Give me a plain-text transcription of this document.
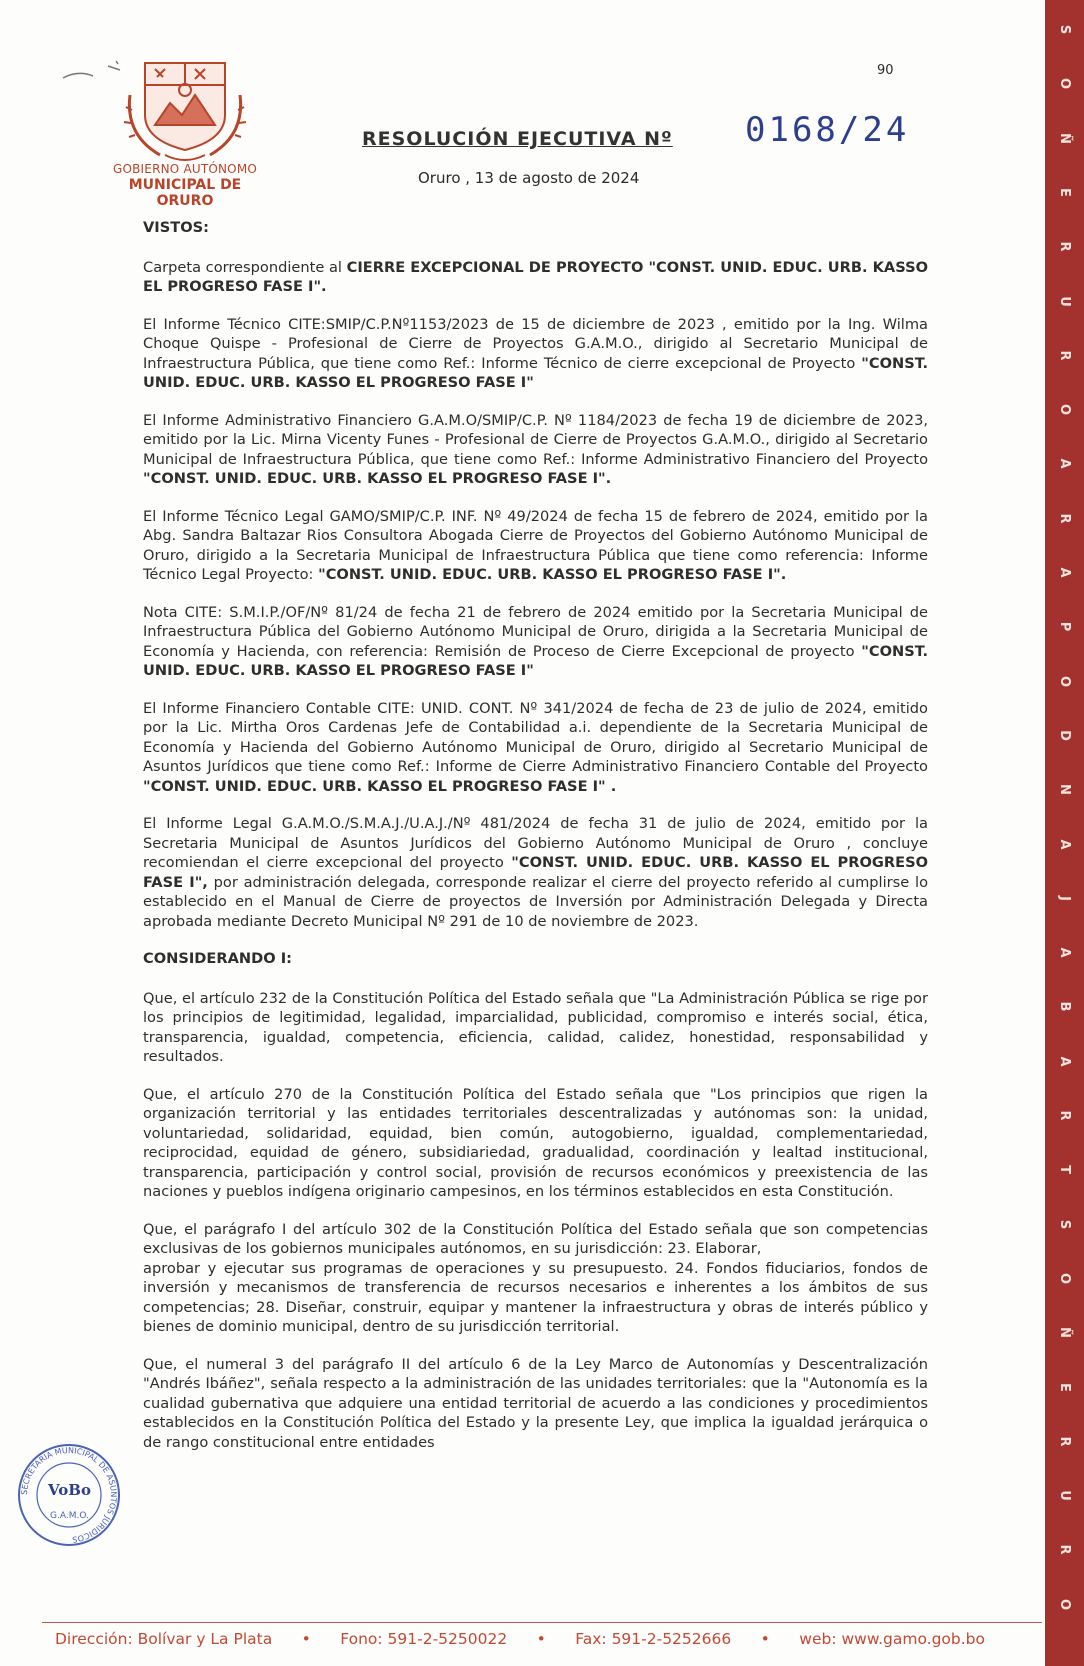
90
GOBIERNO AUTÓNOMO
MUNICIPAL DE ORURO
RESOLUCIÓN EJECUTIVA Nº 0168/24
Oruro , 13 de agosto de 2024

VISTOS:

Carpeta correspondiente al CIERRE EXCEPCIONAL DE PROYECTO "CONST. UNID. EDUC. URB. KASSO EL PROGRESO FASE I".

El Informe Técnico CITE:SMIP/C.P.Nº1153/2023 de 15 de diciembre de 2023 , emitido por la Ing. Wilma Choque Quispe - Profesional de Cierre de Proyectos G.A.M.O., dirigido al Secretario Municipal de Infraestructura Pública, que tiene como Ref.: Informe Técnico de cierre excepcional de Proyecto "CONST. UNID. EDUC. URB. KASSO EL PROGRESO FASE I"

El Informe Administrativo Financiero G.A.M.O/SMIP/C.P. Nº 1184/2023 de fecha 19 de diciembre de 2023, emitido por la Lic. Mirna Vicenty Funes - Profesional de Cierre de Proyectos G.A.M.O., dirigido al Secretario Municipal de Infraestructura Pública, que tiene como Ref.: Informe Administrativo Financiero del Proyecto "CONST. UNID. EDUC. URB. KASSO EL PROGRESO FASE I".

El Informe Técnico Legal GAMO/SMIP/C.P. INF. Nº 49/2024 de fecha 15 de febrero de 2024, emitido por la Abg. Sandra Baltazar Rios Consultora Abogada Cierre de Proyectos del Gobierno Autónomo Municipal de Oruro, dirigido a la Secretaria Municipal de Infraestructura Pública que tiene como referencia: Informe Técnico Legal Proyecto: "CONST. UNID. EDUC. URB. KASSO EL PROGRESO FASE I".

Nota CITE: S.M.I.P./OF/Nº 81/24 de fecha 21 de febrero de 2024 emitido por la Secretaria Municipal de Infraestructura Pública del Gobierno Autónomo Municipal de Oruro, dirigida a la Secretaria Municipal de Economía y Hacienda, con referencia: Remisión de Proceso de Cierre Excepcional de proyecto "CONST. UNID. EDUC. URB. KASSO EL PROGRESO FASE I"

El Informe Financiero Contable CITE: UNID. CONT. Nº 341/2024 de fecha de 23 de julio de 2024, emitido por la Lic. Mirtha Oros Cardenas Jefe de Contabilidad a.i. dependiente de la Secretaria Municipal de Economía y Hacienda del Gobierno Autónomo Municipal de Oruro, dirigido al Secretario Municipal de Asuntos Jurídicos que tiene como Ref.: Informe de Cierre Administrativo Financiero Contable del Proyecto "CONST. UNID. EDUC. URB. KASSO EL PROGRESO FASE I" .

El Informe Legal G.A.M.O./S.M.A.J./U.A.J./Nº 481/2024 de fecha 31 de julio de 2024, emitido por la Secretaria Municipal de Asuntos Jurídicos del Gobierno Autónomo Municipal de Oruro , concluye recomiendan el cierre excepcional del proyecto "CONST. UNID. EDUC. URB. KASSO EL PROGRESO FASE I", por administración delegada, corresponde realizar el cierre del proyecto referido al cumplirse lo establecido en el Manual de Cierre de proyectos de Inversión por Administración Delegada y Directa aprobada mediante Decreto Municipal Nº 291 de 10 de noviembre de 2023.

CONSIDERANDO I:

Que, el artículo 232 de la Constitución Política del Estado señala que "La Administración Pública se rige por los principios de legitimidad, legalidad, imparcialidad, publicidad, compromiso e interés social, ética, transparencia, igualdad, competencia, eficiencia, calidad, calidez, honestidad, responsabilidad y resultados.

Que, el artículo 270 de la Constitución Política del Estado señala que "Los principios que rigen la organización territorial y las entidades territoriales descentralizadas y autónomas son: la unidad, voluntariedad, solidaridad, equidad, bien común, autogobierno, igualdad, complementariedad, reciprocidad, equidad de género, subsidiariedad, gradualidad, coordinación y lealtad institucional, transparencia, participación y control social, provisión de recursos económicos y preexistencia de las naciones y pueblos indígena originario campesinos, en los términos establecidos en esta Constitución.

Que, el parágrafo I del artículo 302 de la Constitución Política del Estado señala que son competencias exclusivas de los gobiernos municipales autónomos, en su jurisdicción: 23. Elaborar,

aprobar y ejecutar sus programas de operaciones y su presupuesto. 24. Fondos fiduciarios, fondos de inversión y mecanismos de transferencia de recursos necesarios e inherentes a los ámbitos de sus competencias; 28. Diseñar, construir, equipar y mantener la infraestructura y obras de interés público y bienes de dominio municipal, dentro de su jurisdicción territorial.

Que, el numeral 3 del parágrafo II del artículo 6 de la Ley Marco de Autonomías y Descentralización "Andrés Ibáñez", señala respecto a la administración de las unidades territoriales: que la "Autonomía es la cualidad gubernativa que adquiere una entidad territorial de acuerdo a las condiciones y procedimientos establecidos en la Constitución Política del Estado y la presente Ley, que implica la igualdad jerárquica o de rango constitucional entre entidades

SECRETARIA MUNICIPAL DE ASUNTOS JURIDICOS
VoBo
G.A.M.O.
S
O
Ñ
E
R
U
R
O
A
R
A
P
O
D
N
A
J
A
B
A
R
T
S
O
Ñ
E
R
U
R
O
Dirección: Bolívar y La Plata • Fono: 591-2-5250022 • Fax: 591-2-5252666 • web: www.gamo.gob.bo
